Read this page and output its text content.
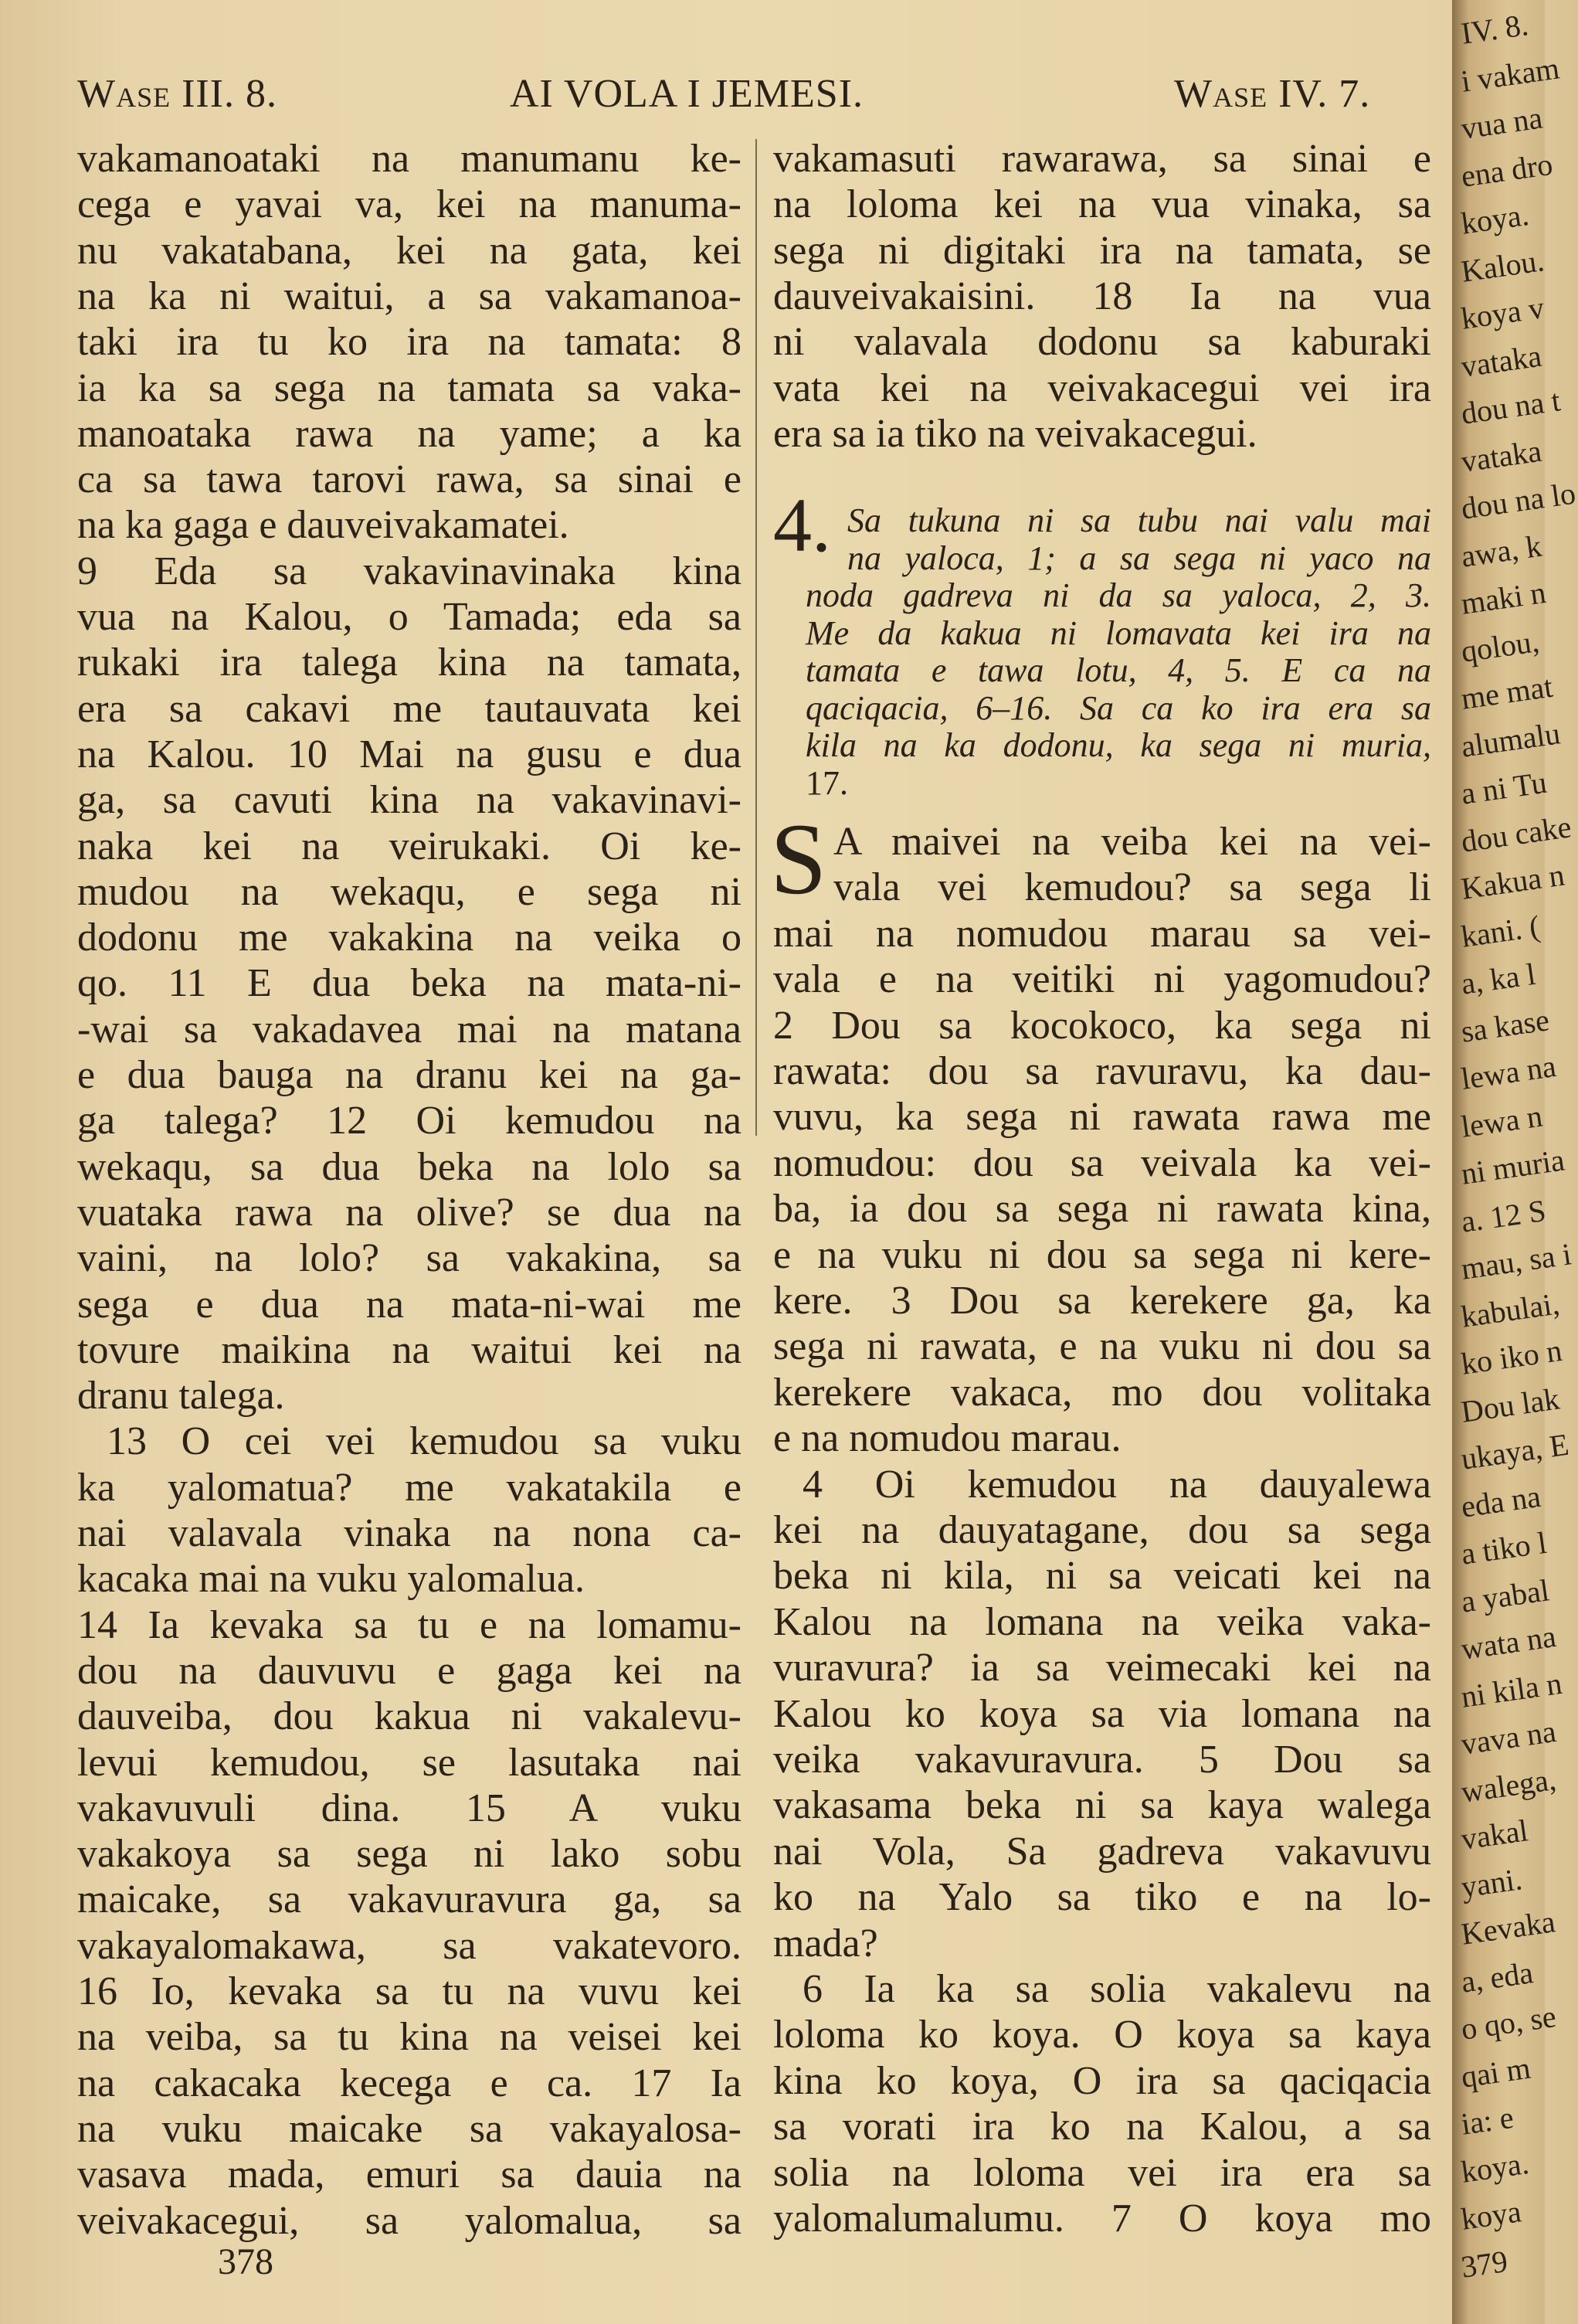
Wase III. 8.	AI VOLA I JEMESI.	Wase IV. 7.
vakamanoataki na manumanu ke-
cega e yavai va, kei na manuma-
nu vakatabana, kei na gata, kei
na ka ni waitui, a sa vakamanoa-
taki ira tu ko ira na tamata: 8
ia ka sa sega na tamata sa vaka-
manoataka rawa na yame; a ka
ca sa tawa tarovi rawa, sa sinai e
na ka gaga e dauveivakamatei.
9 Eda sa vakavinavinaka kina
vua na Kalou, o Tamada; eda sa
rukaki ira talega kina na tamata,
era sa cakavi me tautauvata kei
na Kalou. 10 Mai na gusu e dua
ga, sa cavuti kina na vakavinavi-
naka kei na veirukaki. Oi ke-
mudou na wekaqu, e sega ni
dodonu me vakakina na veika o
qo. 11 E dua beka na mata-ni-
-wai sa vakadavea mai na matana
e dua bauga na dranu kei na ga-
ga talega? 12 Oi kemudou na
wekaqu, sa dua beka na lolo sa
vuataka rawa na olive? se dua na
vaini, na lolo? sa vakakina, sa
sega e dua na mata-ni-wai me
tovure maikina na waitui kei na
dranu talega.
13 O cei vei kemudou sa vuku
ka yalomatua? me vakatakila e
nai valavala vinaka na nona ca-
kacaka mai na vuku yalomalua.
14 Ia kevaka sa tu e na lomamu-
dou na dauvuvu e gaga kei na
dauveiba, dou kakua ni vakalevu-
levui kemudou, se lasutaka nai
vakavuvuli dina. 15 A vuku
vakakoya sa sega ni lako sobu
maicake, sa vakavuravura ga, sa
vakayalomakawa, sa vakatevoro.
16 Io, kevaka sa tu na vuvu kei
na veiba, sa tu kina na veisei kei
na cakacaka kecega e ca. 17 Ia
na vuku maicake sa vakayalosa-
vasava mada, emuri sa dauia na
veivakacegui, sa yalomalua, sa
vakamasuti rawarawa, sa sinai e
na loloma kei na vua vinaka, sa
sega ni digitaki ira na tamata, se
dauveivakaisini. 18 Ia na vua
ni valavala dodonu sa kaburaki
vata kei na veivakacegui vei ira
era sa ia tiko na veivakacegui.
4. Sa tukuna ni sa tubu nai valu mai
na yaloca, 1; a sa sega ni yaco na
noda gadreva ni da sa yaloca, 2, 3.
Me da kakua ni lomavata kei ira na
tamata e tawa lotu, 4, 5. E ca na
qaciqacia, 6–16. Sa ca ko ira era sa
kila na ka dodonu, ka sega ni muria,
17.
S A maivei na veiba kei na vei-
vala vei kemudou? sa sega li
mai na nomudou marau sa vei-
vala e na veitiki ni yagomudou?
2 Dou sa kocokoco, ka sega ni
rawata: dou sa ravuravu, ka dau-
vuvu, ka sega ni rawata rawa me
nomudou: dou sa veivala ka vei-
ba, ia dou sa sega ni rawata kina,
e na vuku ni dou sa sega ni kere-
kere. 3 Dou sa kerekere ga, ka
sega ni rawata, e na vuku ni dou sa
kerekere vakaca, mo dou volitaka
e na nomudou marau.
4 Oi kemudou na dauyalewa
kei na dauyatagane, dou sa sega
beka ni kila, ni sa veicati kei na
Kalou na lomana na veika vaka-
vuravura? ia sa veimecaki kei na
Kalou ko koya sa via lomana na
veika vakavuravura. 5 Dou sa
vakasama beka ni sa kaya walega
nai Vola, Sa gadreva vakavuvu
ko na Yalo sa tiko e na lo-
mada?
6 Ia ka sa solia vakalevu na
loloma ko koya. O koya sa kaya
kina ko koya, O ira sa qaciqacia
sa vorati ira ko na Kalou, a sa
solia na loloma vei ira era sa
yalomalumalumu. 7 O koya mo
378
IV. 8.
i vakam
vua na
ena dro
koya.
Kalou.
koya v
vataka
dou na t
vataka
dou na lo
awa, k
maki n
qolou,
me mat
alumalu
a ni Tu
dou cake
Kakua n
kani. (
a, ka l
sa kase
lewa na
lewa n
ni muria
a. 12 S
mau, sa i
kabulai,
ko iko n
Dou lak
ukaya, E
eda na
a tiko l
a yabal
wata na
ni kila n
vava na
walega,
vakal
yani.
Kevaka
a, eda
o qo, se
qai m
ia: e
koya.
koya
379
